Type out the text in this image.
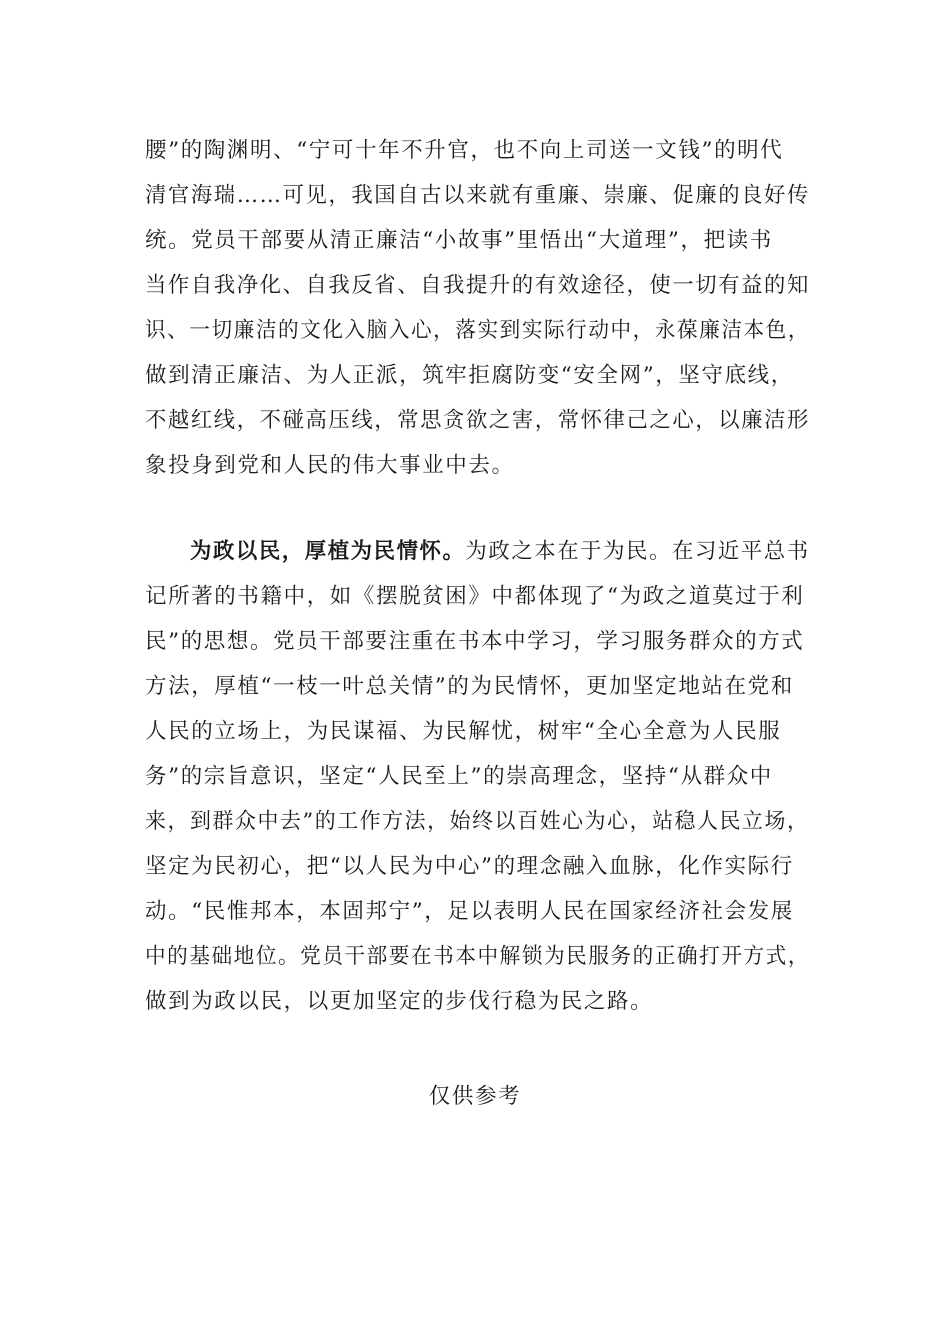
腰”的陶渊明、“宁可十年不升官，也不向上司送一文钱”的明代
清官海瑞……可见，我国自古以来就有重廉、崇廉、促廉的良好传
统。党员干部要从清正廉洁“小故事”里悟出“大道理”，把读书
当作自我净化、自我反省、自我提升的有效途径，使一切有益的知
识、一切廉洁的文化入脑入心，落实到实际行动中，永葆廉洁本色，
做到清正廉洁、为人正派，筑牢拒腐防变“安全网”，坚守底线，
不越红线，不碰高压线，常思贪欲之害，常怀律己之心，以廉洁形
象投身到党和人民的伟大事业中去。
为政以民，厚植为民情怀。为政之本在于为民。在习近平总书
记所著的书籍中，如《摆脱贫困》中都体现了“为政之道莫过于利
民”的思想。党员干部要注重在书本中学习，学习服务群众的方式
方法，厚植“一枝一叶总关情”的为民情怀，更加坚定地站在党和
人民的立场上，为民谋福、为民解忧，树牢“全心全意为人民服
务”的宗旨意识，坚定“人民至上”的崇高理念，坚持“从群众中
来，到群众中去”的工作方法，始终以百姓心为心，站稳人民立场，
坚定为民初心，把“以人民为中心”的理念融入血脉，化作实际行
动。“民惟邦本，本固邦宁”，足以表明人民在国家经济社会发展
中的基础地位。党员干部要在书本中解锁为民服务的正确打开方式，
做到为政以民，以更加坚定的步伐行稳为民之路。
仅供参考
